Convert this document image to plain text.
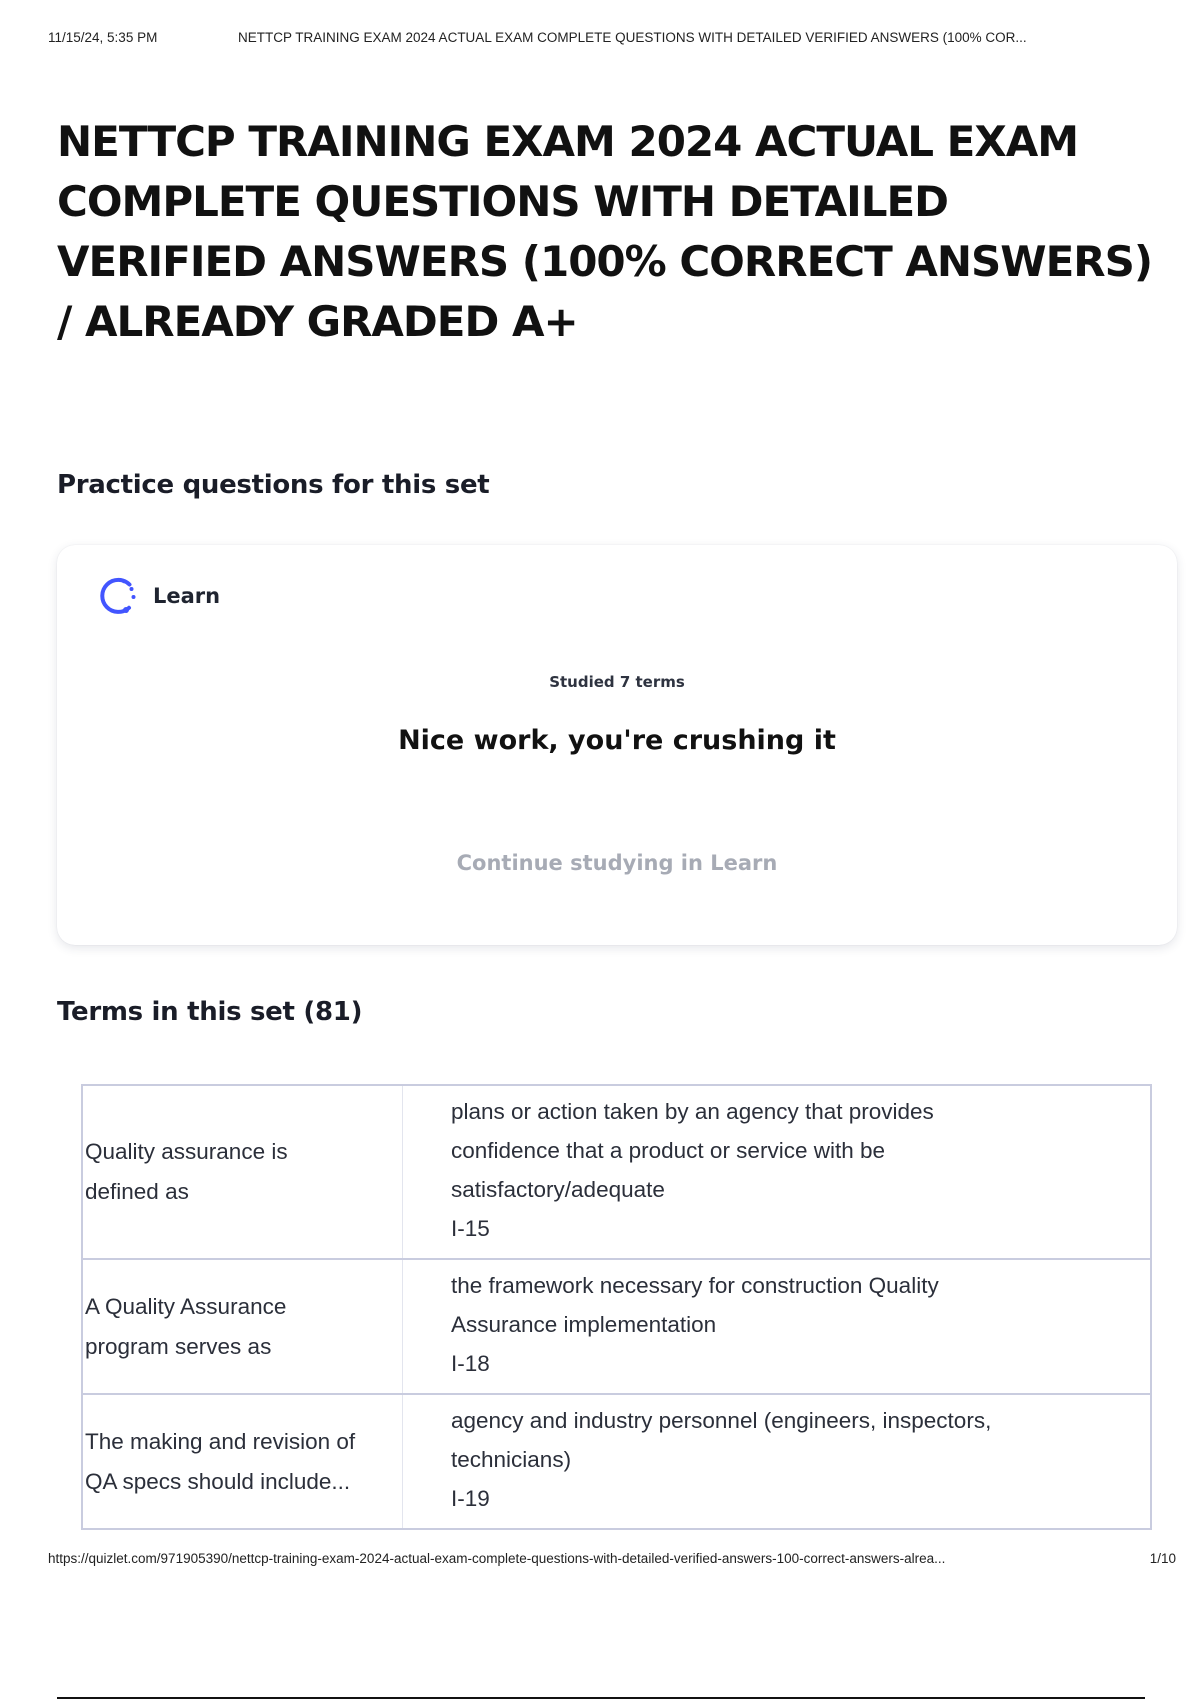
11/15/24, 5:35 PM	NETTCP TRAINING EXAM 2024 ACTUAL EXAM COMPLETE QUESTIONS WITH DETAILED VERIFIED ANSWERS (100% COR...
NETTCP TRAINING EXAM 2024 ACTUAL EXAM
COMPLETE QUESTIONS WITH DETAILED
VERIFIED ANSWERS (100% CORRECT ANSWERS)
/ ALREADY GRADED A+
Practice questions for this set
Learn
Studied 7 terms
Nice work, you're crushing it
Continue studying in Learn
Terms in this set (81)
Quality assurance is
defined as
plans or action taken by an agency that provides
confidence that a product or service with be
satisfactory/adequate
I-15
A Quality Assurance
program serves as
the framework necessary for construction Quality
Assurance implementation
I-18
The making and revision of
QA specs should include...
agency and industry personnel (engineers, inspectors,
technicians)
I-19
https://quizlet.com/971905390/nettcp-training-exam-2024-actual-exam-complete-questions-with-detailed-verified-answers-100-correct-answers-alrea...	1/10
